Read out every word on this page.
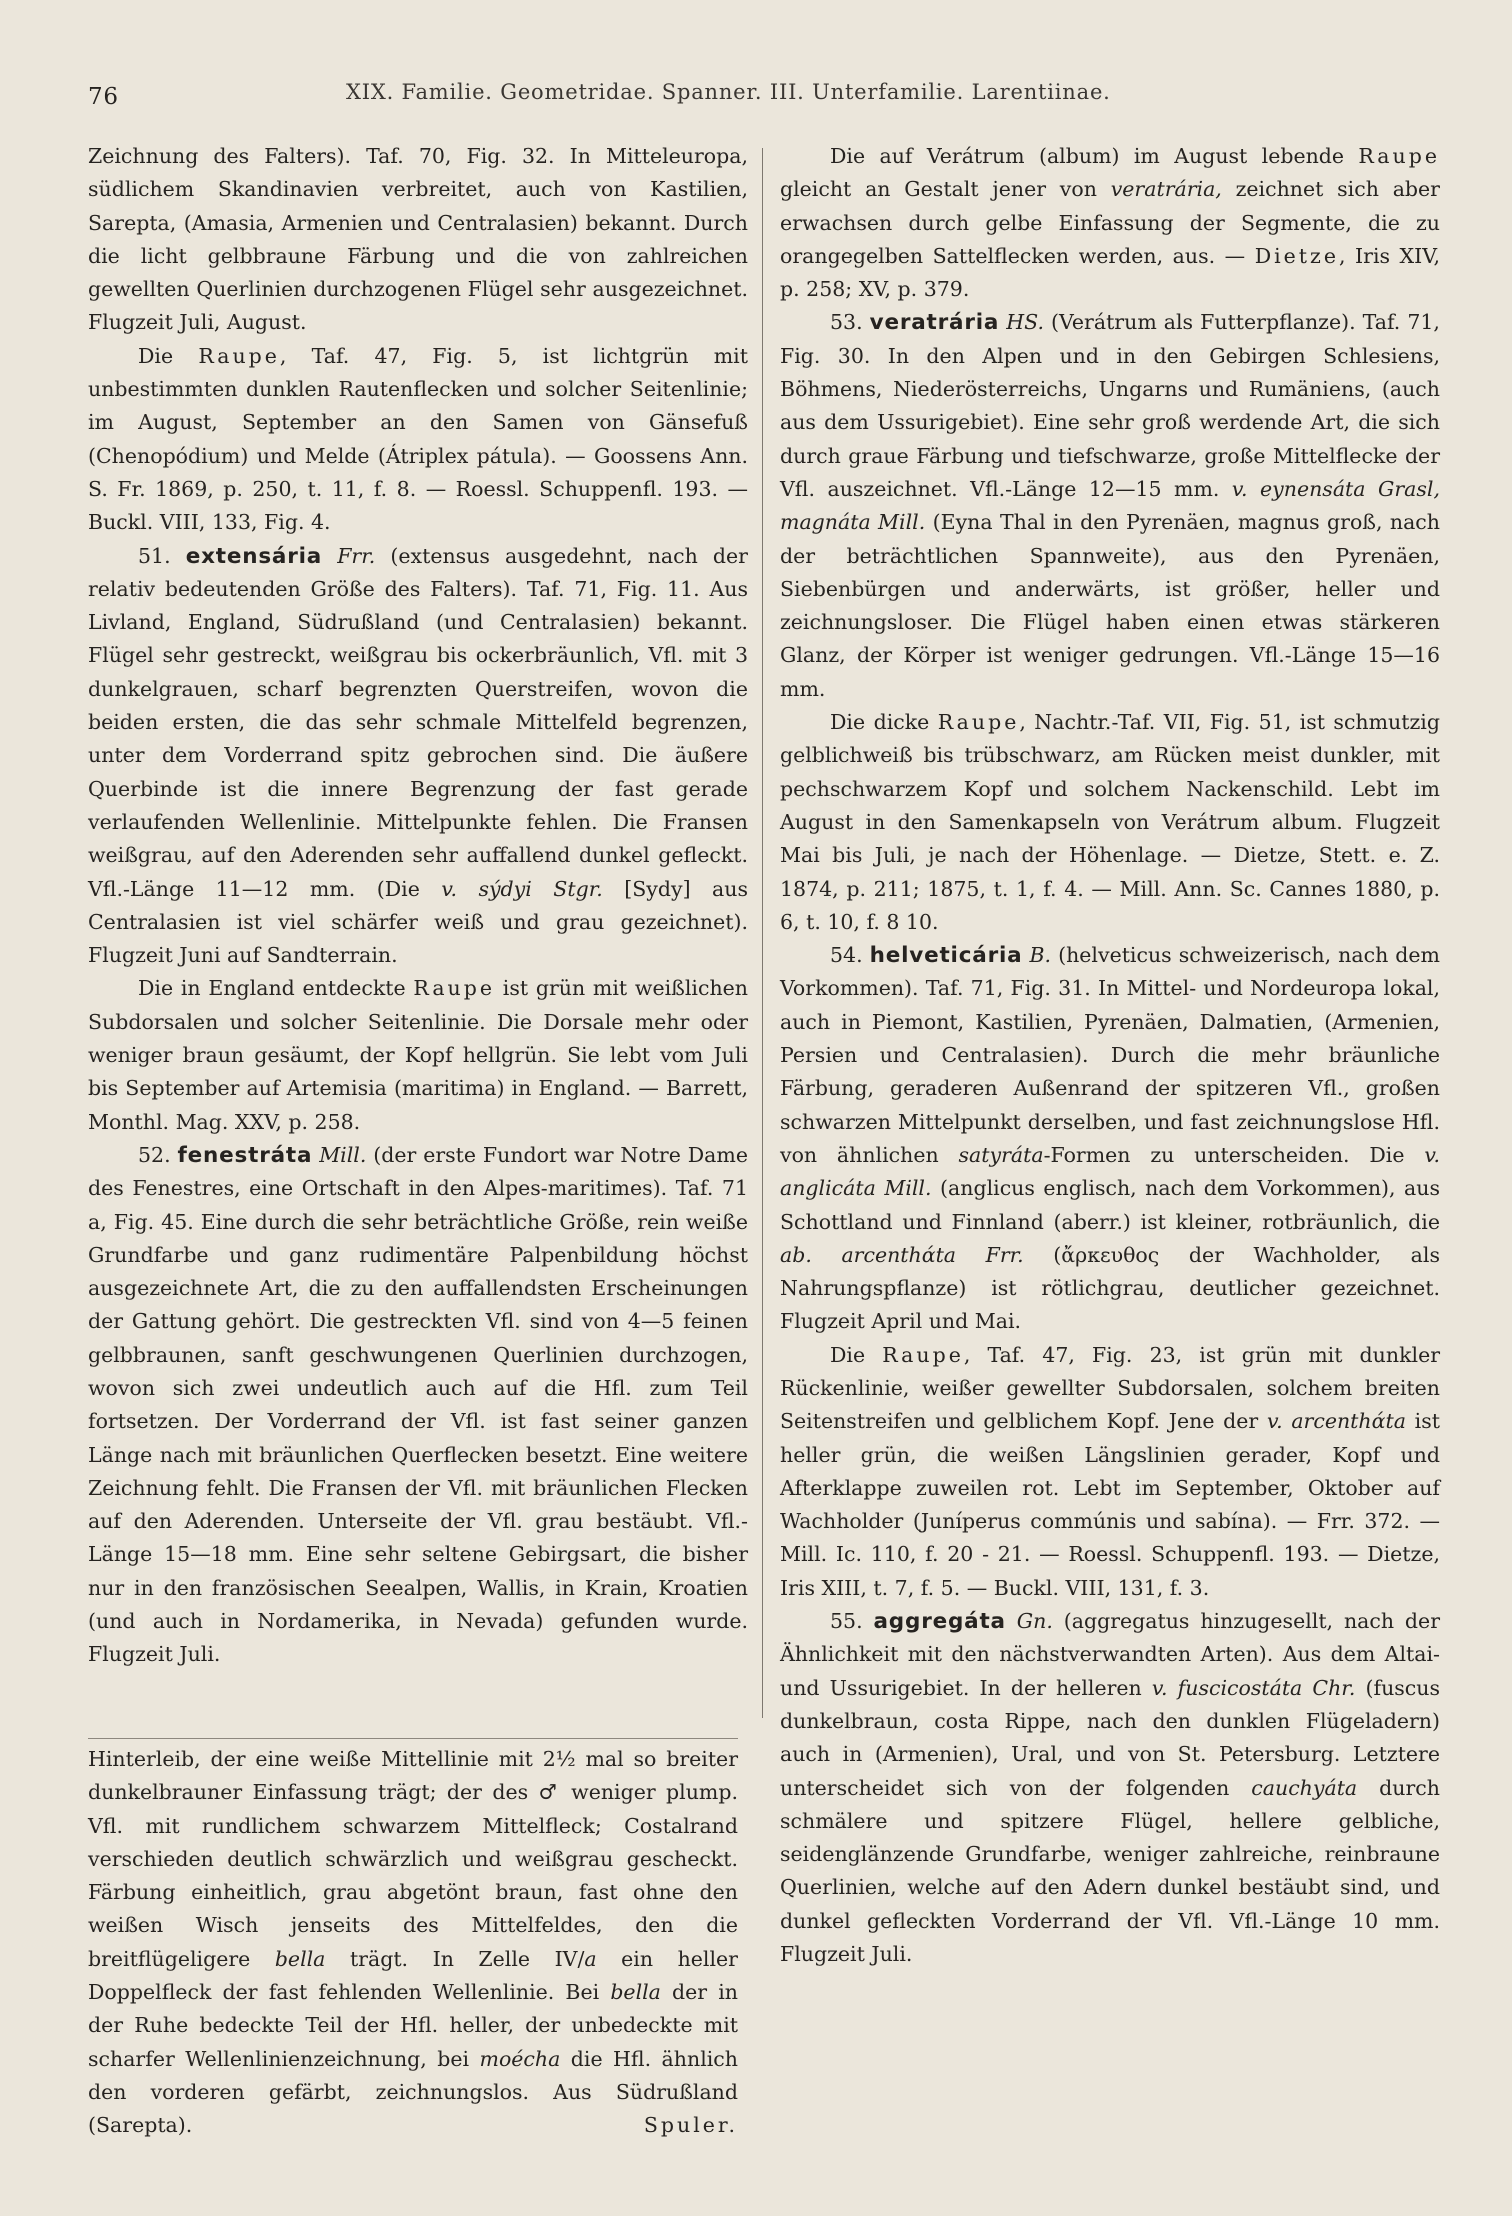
76	XIX. Familie. Geometridae. Spanner. III. Unterfamilie. Larentiinae.

Zeichnung des Falters). Taf. 70, Fig. 32. In Mitteleuropa, südlichem Skandinavien verbreitet, auch von Kastilien, Sarepta, (Amasia, Armenien und Centralasien) bekannt. Durch die licht gelbbraune Färbung und die von zahlreichen gewellten Querlinien durchzogenen Flügel sehr ausgezeichnet. Flugzeit Juli, August.

Die Raupe, Taf. 47, Fig. 5, ist lichtgrün mit unbestimmten dunklen Rautenflecken und solcher Seitenlinie; im August, September an den Samen von Gänsefuß (Chenopódium) und Melde (Átriplex pátula). — Goossens Ann. S. Fr. 1869, p. 250, t. 11, f. 8. — Roessl. Schuppenfl. 193. — Buckl. VIII, 133, Fig. 4.

51. extensária Frr. (extensus ausgedehnt, nach der relativ bedeutenden Größe des Falters). Taf. 71, Fig. 11. Aus Livland, England, Südrußland (und Centralasien) bekannt. Flügel sehr gestreckt, weißgrau bis ockerbräunlich, Vfl. mit 3 dunkelgrauen, scharf begrenzten Querstreifen, wovon die beiden ersten, die das sehr schmale Mittelfeld begrenzen, unter dem Vorderrand spitz gebrochen sind. Die äußere Querbinde ist die innere Begrenzung der fast gerade verlaufenden Wellenlinie. Mittelpunkte fehlen. Die Fransen weißgrau, auf den Aderenden sehr auffallend dunkel gefleckt. Vfl.-Länge 11—12 mm. (Die v. sýdyi Stgr. [Sydy] aus Centralasien ist viel schärfer weiß und grau gezeichnet). Flugzeit Juni auf Sandterrain.

Die in England entdeckte Raupe ist grün mit weißlichen Subdorsalen und solcher Seitenlinie. Die Dorsale mehr oder weniger braun gesäumt, der Kopf hellgrün. Sie lebt vom Juli bis September auf Artemisia (maritima) in England. — Barrett, Monthl. Mag. XXV, p. 258.

52. fenestráta Mill. (der erste Fundort war Notre Dame des Fenestres, eine Ortschaft in den Alpes-maritimes). Taf. 71 a, Fig. 45. Eine durch die sehr beträchtliche Größe, rein weiße Grundfarbe und ganz rudimentäre Palpenbildung höchst ausgezeichnete Art, die zu den auffallendsten Erscheinungen der Gattung gehört. Die gestreckten Vfl. sind von 4—5 feinen gelbbraunen, sanft geschwungenen Querlinien durchzogen, wovon sich zwei undeutlich auch auf die Hfl. zum Teil fortsetzen. Der Vorderrand der Vfl. ist fast seiner ganzen Länge nach mit bräunlichen Querflecken besetzt. Eine weitere Zeichnung fehlt. Die Fransen der Vfl. mit bräunlichen Flecken auf den Aderenden. Unterseite der Vfl. grau bestäubt. Vfl.-Länge 15—18 mm. Eine sehr seltene Gebirgsart, die bisher nur in den französischen Seealpen, Wallis, in Krain, Kroatien (und auch in Nordamerika, in Nevada) gefunden wurde. Flugzeit Juli.

Hinterleib, der eine weiße Mittellinie mit 2½ mal so breiter dunkelbrauner Einfassung trägt; der des ♂ weniger plump. Vfl. mit rundlichem schwarzem Mittelfleck; Costalrand verschieden deutlich schwärzlich und weißgrau gescheckt. Färbung einheitlich, grau abgetönt braun, fast ohne den weißen Wisch jenseits des Mittelfeldes, den die breitflügeligere bella trägt. In Zelle IV/a ein heller Doppelfleck der fast fehlenden Wellenlinie. Bei bella der in der Ruhe bedeckte Teil der Hfl. heller, der unbedeckte mit scharfer Wellenlinienzeichnung, bei moécha die Hfl. ähnlich den vorderen gefärbt, zeichnungslos. Aus Südrußland (Sarepta).	Spuler.

Die auf Verátrum (album) im August lebende Raupe gleicht an Gestalt jener von veratrária, zeichnet sich aber erwachsen durch gelbe Einfassung der Segmente, die zu orangegelben Sattelflecken werden, aus. — Dietze, Iris XIV, p. 258; XV, p. 379.

53. veratrária HS. (Verátrum als Futterpflanze). Taf. 71, Fig. 30. In den Alpen und in den Gebirgen Schlesiens, Böhmens, Niederösterreichs, Ungarns und Rumäniens, (auch aus dem Ussurigebiet). Eine sehr groß werdende Art, die sich durch graue Färbung und tiefschwarze, große Mittelflecke der Vfl. auszeichnet. Vfl.-Länge 12—15 mm. v. eynensáta Grasl, magnáta Mill. (Eyna Thal in den Pyrenäen, magnus groß, nach der beträchtlichen Spannweite), aus den Pyrenäen, Siebenbürgen und anderwärts, ist größer, heller und zeichnungsloser. Die Flügel haben einen etwas stärkeren Glanz, der Körper ist weniger gedrungen. Vfl.-Länge 15—16 mm.

Die dicke Raupe, Nachtr.-Taf. VII, Fig. 51, ist schmutzig gelblichweiß bis trübschwarz, am Rücken meist dunkler, mit pechschwarzem Kopf und solchem Nackenschild. Lebt im August in den Samenkapseln von Verátrum album. Flugzeit Mai bis Juli, je nach der Höhenlage. — Dietze, Stett. e. Z. 1874, p. 211; 1875, t. 1, f. 4. — Mill. Ann. Sc. Cannes 1880, p. 6, t. 10, f. 8 10.

54. helveticária B. (helveticus schweizerisch, nach dem Vorkommen). Taf. 71, Fig. 31. In Mittel- und Nordeuropa lokal, auch in Piemont, Kastilien, Pyrenäen, Dalmatien, (Armenien, Persien und Centralasien). Durch die mehr bräunliche Färbung, geraderen Außenrand der spitzeren Vfl., großen schwarzen Mittelpunkt derselben, und fast zeichnungslose Hfl. von ähnlichen satyráta-Formen zu unterscheiden. Die v. anglicáta Mill. (anglicus englisch, nach dem Vorkommen), aus Schottland und Finnland (aberr.) ist kleiner, rotbräunlich, die ab. arcenthάta Frr. (ἄρκευθος der Wachholder, als Nahrungspflanze) ist rötlichgrau, deutlicher gezeichnet. Flugzeit April und Mai.

Die Raupe, Taf. 47, Fig. 23, ist grün mit dunkler Rückenlinie, weißer gewellter Subdorsalen, solchem breiten Seitenstreifen und gelblichem Kopf. Jene der v. arcenthάta ist heller grün, die weißen Längslinien gerader, Kopf und Afterklappe zuweilen rot. Lebt im September, Oktober auf Wachholder (Juníperus commúnis und sabína). — Frr. 372. — Mill. Ic. 110, f. 20 - 21. — Roessl. Schuppenfl. 193. — Dietze, Iris XIII, t. 7, f. 5. — Buckl. VIII, 131, f. 3.

55. aggregáta Gn. (aggregatus hinzugesellt, nach der Ähnlichkeit mit den nächstverwandten Arten). Aus dem Altai- und Ussurigebiet. In der helleren v. fuscicostáta Chr. (fuscus dunkelbraun, costa Rippe, nach den dunklen Flügeladern) auch in (Armenien), Ural, und von St. Petersburg. Letztere unterscheidet sich von der folgenden cauchyáta durch schmälere und spitzere Flügel, hellere gelbliche, seidenglänzende Grundfarbe, weniger zahlreiche, reinbraune Querlinien, welche auf den Adern dunkel bestäubt sind, und dunkel gefleckten Vorderrand der Vfl. Vfl.-Länge 10 mm. Flugzeit Juli.
